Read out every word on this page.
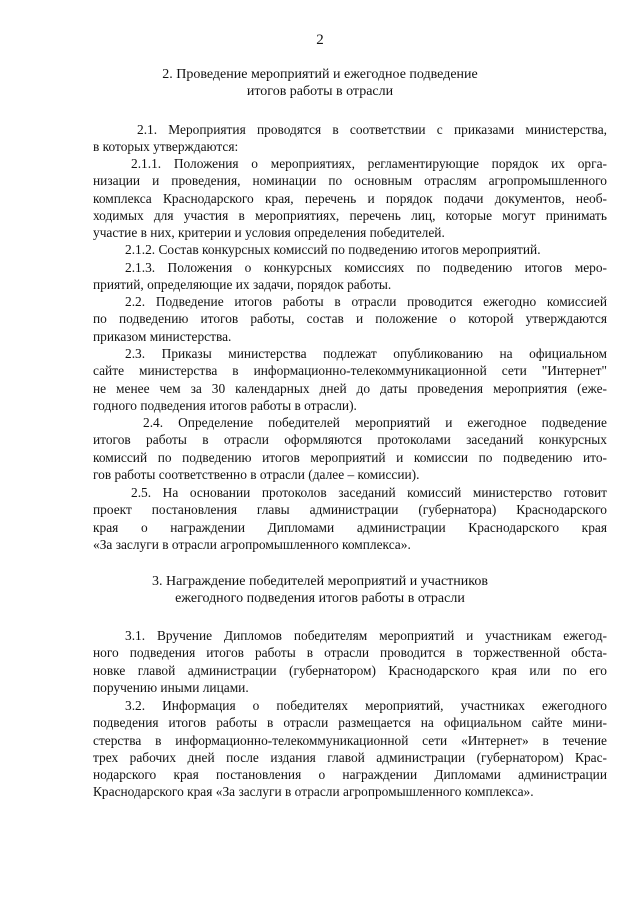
2
2. Проведение мероприятий и ежегодное подведение
итогов работы в отрасли
2.1. Мероприятия проводятся в соответствии с приказами министерства,
в которых утверждаются:
2.1.1. Положения о мероприятиях, регламентирующие порядок их орга-
низации и проведения, номинации по основным отраслям агропромышленного
комплекса Краснодарского края, перечень и порядок подачи документов, необ-
ходимых для участия в мероприятиях, перечень лиц, которые могут принимать
участие в них, критерии и условия определения победителей.
2.1.2. Состав конкурсных комиссий по подведению итогов мероприятий.
2.1.3. Положения о конкурсных комиссиях по подведению итогов меро-
приятий, определяющие их задачи, порядок работы.
2.2. Подведение итогов работы в отрасли проводится ежегодно комиссией
по подведению итогов работы, состав и положение о которой утверждаются
приказом министерства.
2.3. Приказы министерства подлежат опубликованию на официальном
сайте министерства в информационно-телекоммуникационной сети "Интернет"
не менее чем за 30 календарных дней до даты проведения мероприятия (еже-
годного подведения итогов работы в отрасли).
2.4. Определение победителей мероприятий и ежегодное подведение
итогов работы в отрасли оформляются протоколами заседаний конкурсных
комиссий по подведению итогов мероприятий и комиссии по подведению ито-
гов работы соответственно в отрасли (далее – комиссии).
2.5. На основании протоколов заседаний комиссий министерство готовит
проект постановления главы администрации (губернатора) Краснодарского
края о награждении Дипломами администрации Краснодарского края
«За заслуги в отрасли агропромышленного комплекса».
3. Награждение победителей мероприятий и участников
ежегодного подведения итогов работы в отрасли
3.1. Вручение Дипломов победителям мероприятий и участникам ежегод-
ного подведения итогов работы в отрасли проводится в торжественной обста-
новке главой администрации (губернатором) Краснодарского края или по его
поручению иными лицами.
3.2. Информация о победителях мероприятий, участниках ежегодного
подведения итогов работы в отрасли размещается на официальном сайте мини-
стерства в информационно-телекоммуникационной сети «Интернет» в течение
трех рабочих дней после издания главой администрации (губернатором) Крас-
нодарского края постановления о награждении Дипломами администрации
Краснодарского края «За заслуги в отрасли агропромышленного комплекса».
